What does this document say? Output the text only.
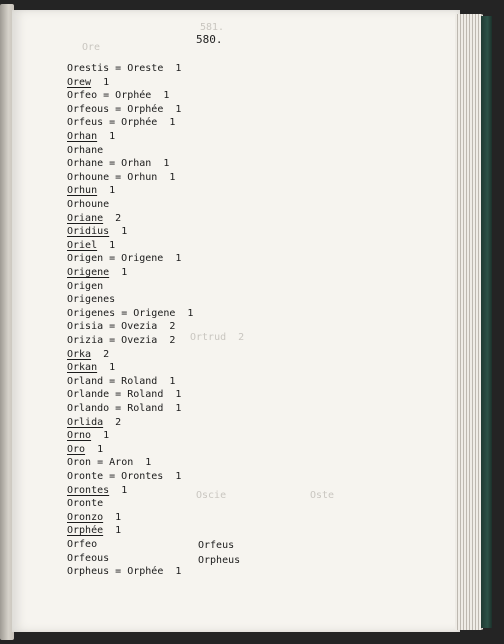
581.
Ore
Ortrud  2
Oscie	Oste
580.
Orestis = Oreste  1
Orew  1
Orfeo = Orphée  1
Orfeous = Orphée  1
Orfeus = Orphée  1
Orhan  1
Orhane
Orhane = Orhan  1
Orhoune = Orhun  1
Orhun  1
Orhoune
Oriane  2
Oridius  1
Oriel  1
Origen = Origene  1
Origene  1
Origen
Origenes
Origenes = Origene  1
Orisia = Ovezia  2
Orizia = Ovezia  2
Orka  2
Orkan  1
Orland = Roland  1
Orlande = Roland  1
Orlando = Roland  1
Orlida  2
Orno  1
Oro  1
Oron = Aron  1
Oronte = Orontes  1
Orontes  1
Oronte
Oronzo  1
Orphée  1
Orfeo
Orfeous
Orpheus = Orphée  1
Orfeus
Orpheus
